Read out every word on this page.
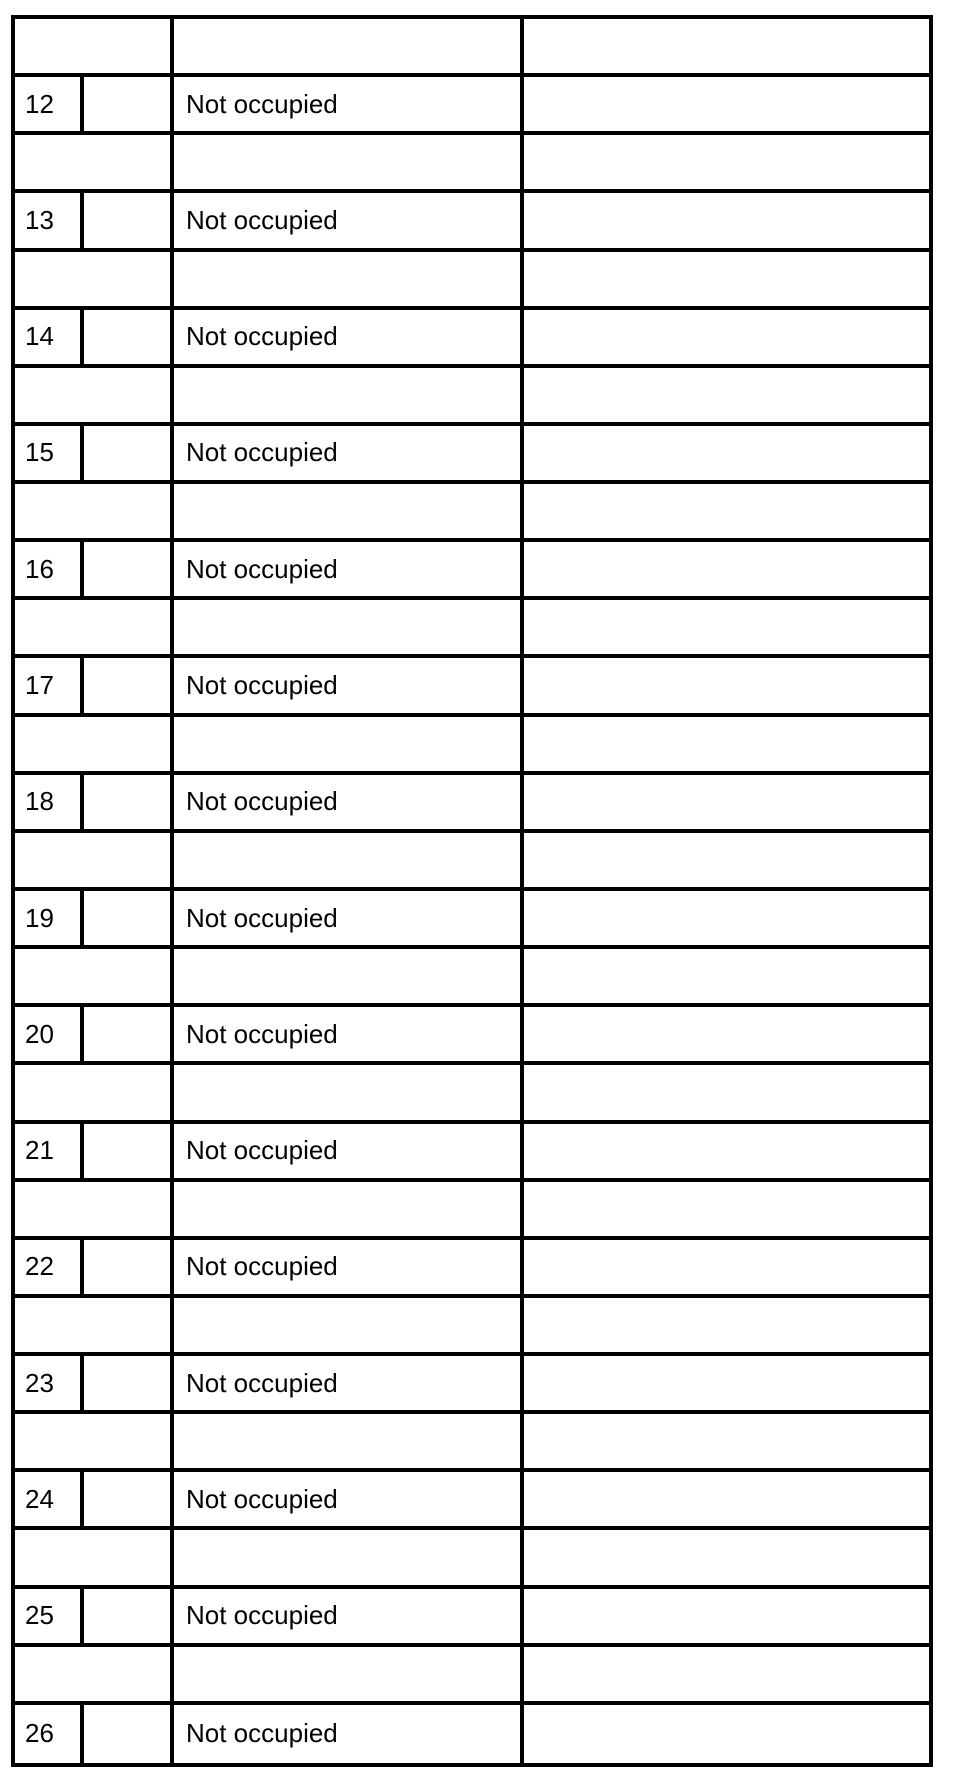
12	Not occupied
13	Not occupied
14	Not occupied
15	Not occupied
16	Not occupied
17	Not occupied
18	Not occupied
19	Not occupied
20	Not occupied
21	Not occupied
22	Not occupied
23	Not occupied
24	Not occupied
25	Not occupied
26	Not occupied
